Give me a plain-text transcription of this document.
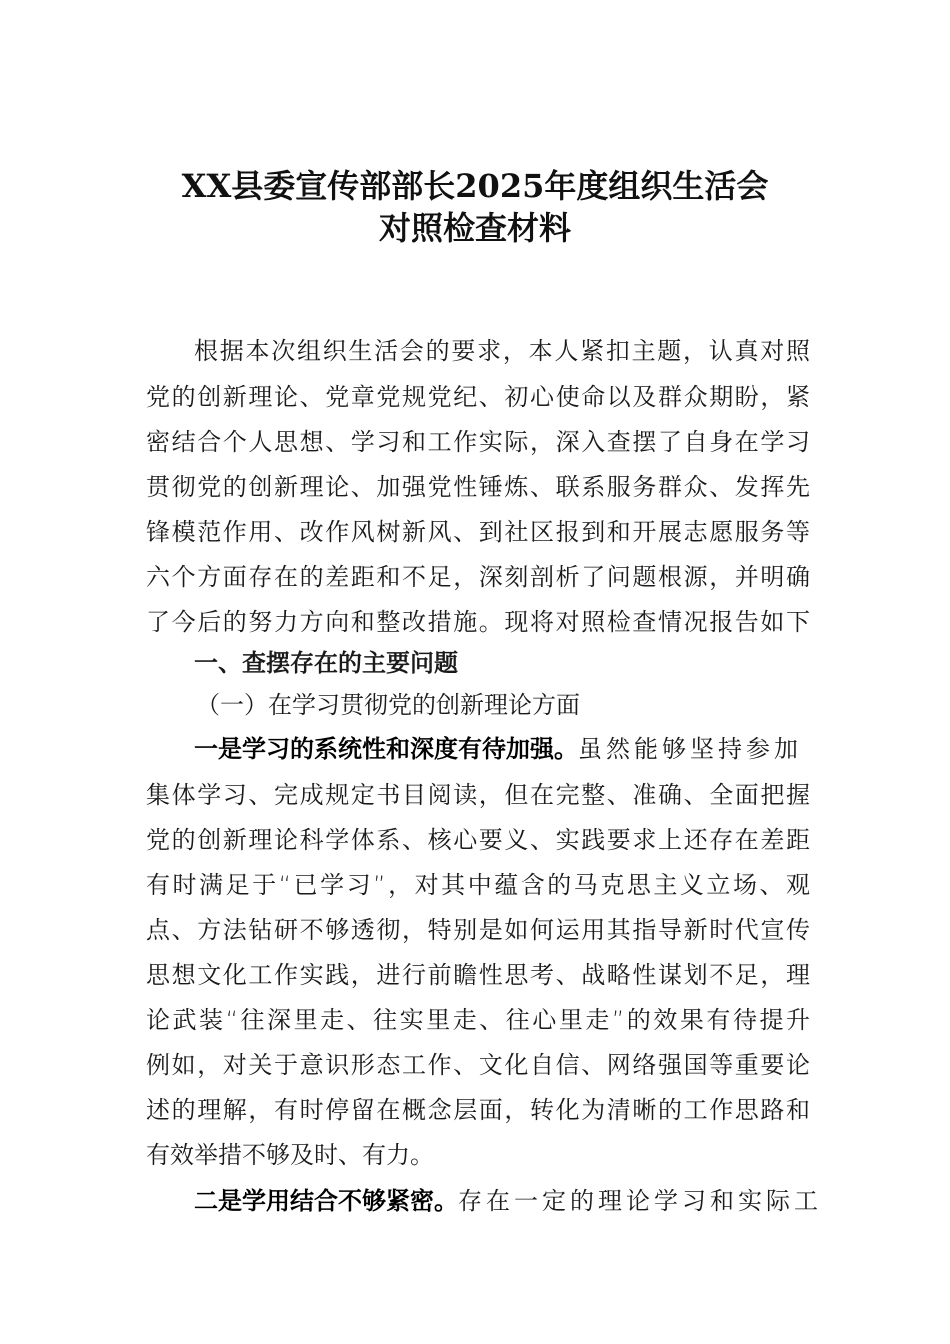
XX县委宣传部部长2025年度组织生活会
对照检查材料
根据本次组织生活会的要求，本人紧扣主题，认真对照
党的创新理论、党章党规党纪、初心使命以及群众期盼，紧
密结合个人思想、学习和工作实际，深入查摆了自身在学习
贯彻党的创新理论、加强党性锤炼、联系服务群众、发挥先
锋模范作用、改作风树新风、到社区报到和开展志愿服务等
六个方面存在的差距和不足，深刻剖析了问题根源，并明确
了今后的努力方向和整改措施。现将对照检查情况报告如下
一、查摆存在的主要问题
（一）在学习贯彻党的创新理论方面
一是学习的系统性和深度有待加强。虽然能够坚持参加
集体学习、完成规定书目阅读，但在完整、准确、全面把握
党的创新理论科学体系、核心要义、实践要求上还存在差距
有时满足于“已学习”，对其中蕴含的马克思主义立场、观
点、方法钻研不够透彻，特别是如何运用其指导新时代宣传
思想文化工作实践，进行前瞻性思考、战略性谋划不足，理
论武装“往深里走、往实里走、往心里走”的效果有待提升
例如，对关于意识形态工作、文化自信、网络强国等重要论
述的理解，有时停留在概念层面，转化为清晰的工作思路和
有效举措不够及时、有力。
二是学用结合不够紧密。存在一定的理论学习和实际工
